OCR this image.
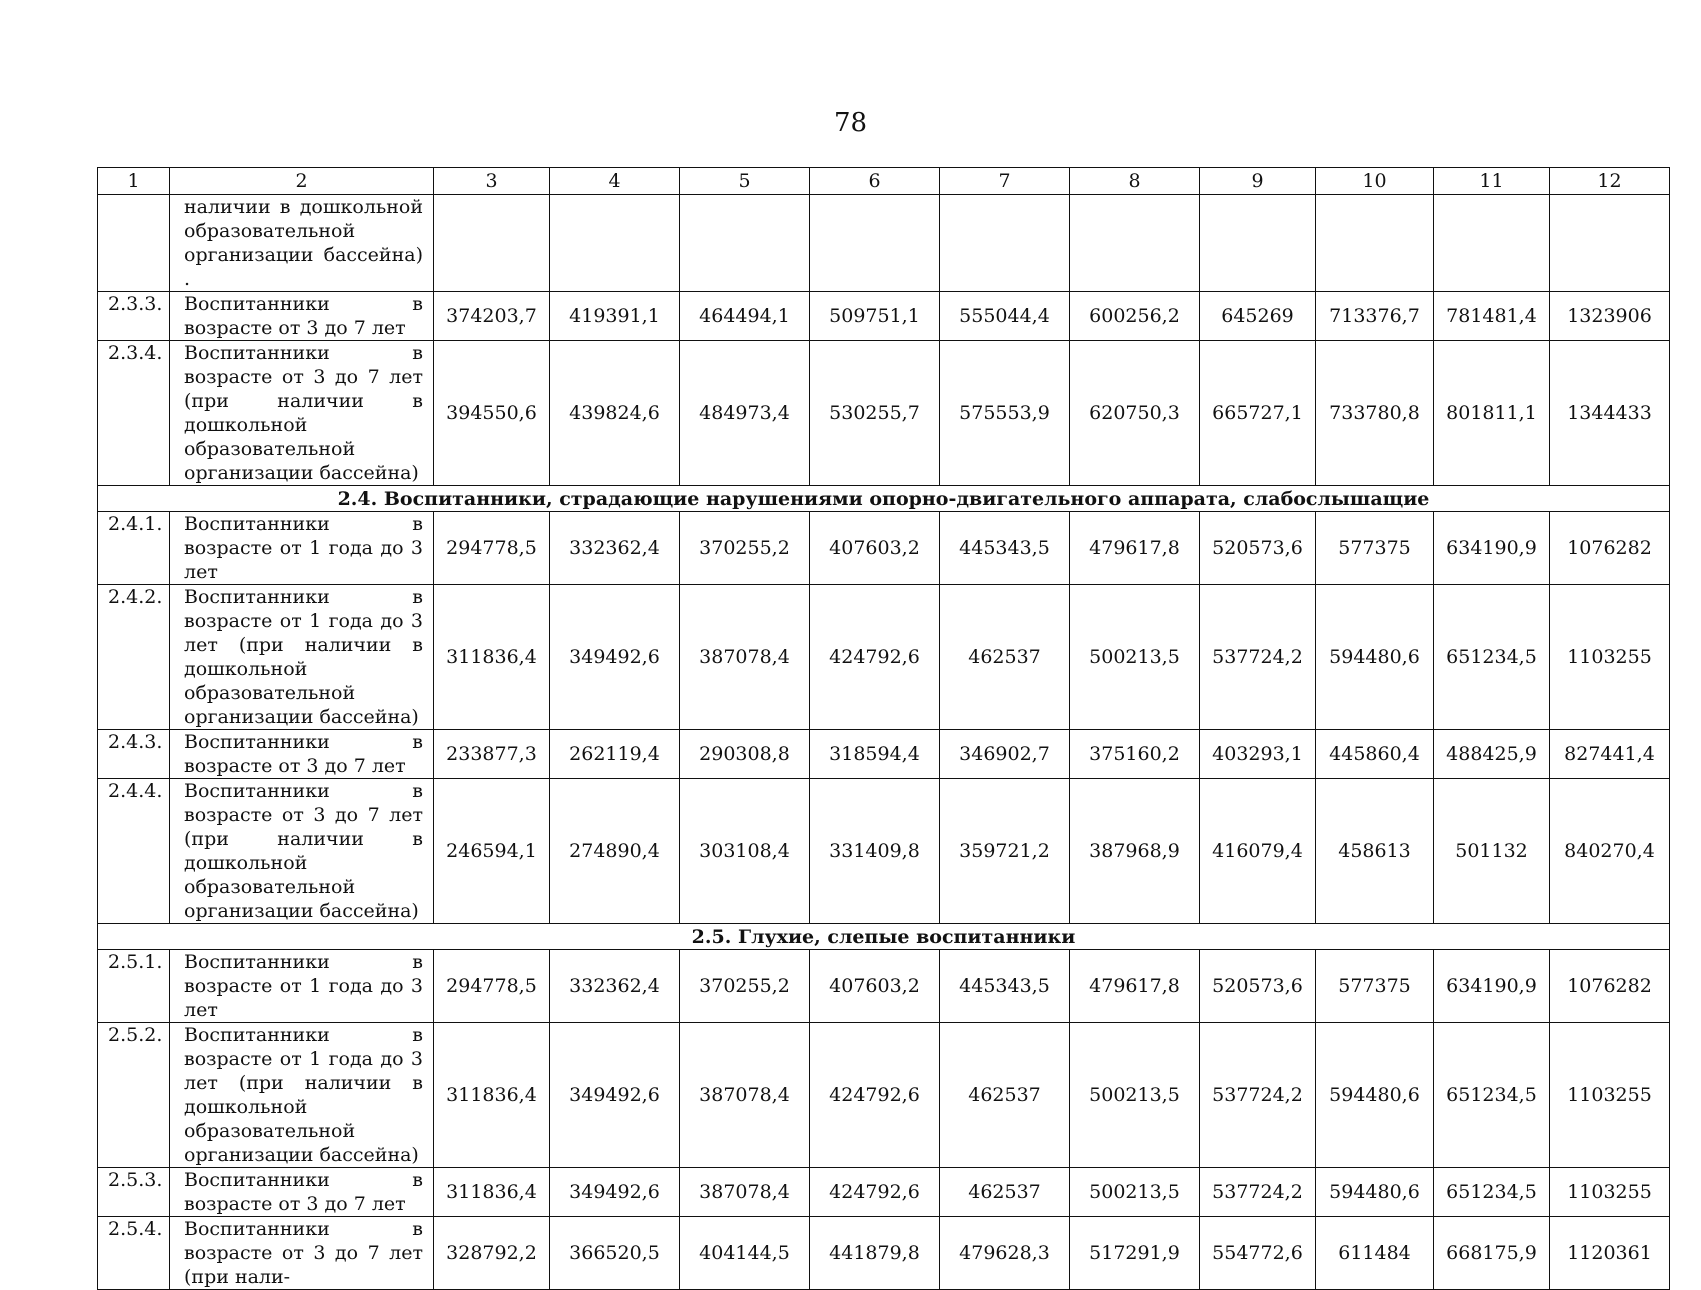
78
1	2	3	4	5	6	7	8	9	10	11	12
	наличии в дошкольной образовательной организации бассейна) .										
2.3.3.	Воспитанники в возрасте от 3 до 7 лет	374203,7	419391,1	464494,1	509751,1	555044,4	600256,2	645269	713376,7	781481,4	1323906
2.3.4.	Воспитанники в возрасте от 3 до 7 лет (при наличии в дошкольной образовательной организации бассейна)	394550,6	439824,6	484973,4	530255,7	575553,9	620750,3	665727,1	733780,8	801811,1	1344433
2.4. Воспитанники, страдающие нарушениями опорно-двигательного аппарата, слабослышащие											
2.4.1.	Воспитанники в возрасте от 1 года до 3 лет	294778,5	332362,4	370255,2	407603,2	445343,5	479617,8	520573,6	577375	634190,9	1076282
2.4.2.	Воспитанники в возрасте от 1 года до 3 лет (при наличии в дошкольной образовательной организации бассейна)	311836,4	349492,6	387078,4	424792,6	462537	500213,5	537724,2	594480,6	651234,5	1103255
2.4.3.	Воспитанники в возрасте от 3 до 7 лет	233877,3	262119,4	290308,8	318594,4	346902,7	375160,2	403293,1	445860,4	488425,9	827441,4
2.4.4.	Воспитанники в возрасте от 3 до 7 лет (при наличии в дошкольной образовательной организации бассейна)	246594,1	274890,4	303108,4	331409,8	359721,2	387968,9	416079,4	458613	501132	840270,4
2.5. Глухие, слепые воспитанники											
2.5.1.	Воспитанники в возрасте от 1 года до 3 лет	294778,5	332362,4	370255,2	407603,2	445343,5	479617,8	520573,6	577375	634190,9	1076282
2.5.2.	Воспитанники в возрасте от 1 года до 3 лет (при наличии в дошкольной образовательной организации бассейна)	311836,4	349492,6	387078,4	424792,6	462537	500213,5	537724,2	594480,6	651234,5	1103255
2.5.3.	Воспитанники в возрасте от 3 до 7 лет	311836,4	349492,6	387078,4	424792,6	462537	500213,5	537724,2	594480,6	651234,5	1103255
2.5.4.	Воспитанники в возрасте от 3 до 7 лет (при нали-	328792,2	366520,5	404144,5	441879,8	479628,3	517291,9	554772,6	611484	668175,9	1120361
